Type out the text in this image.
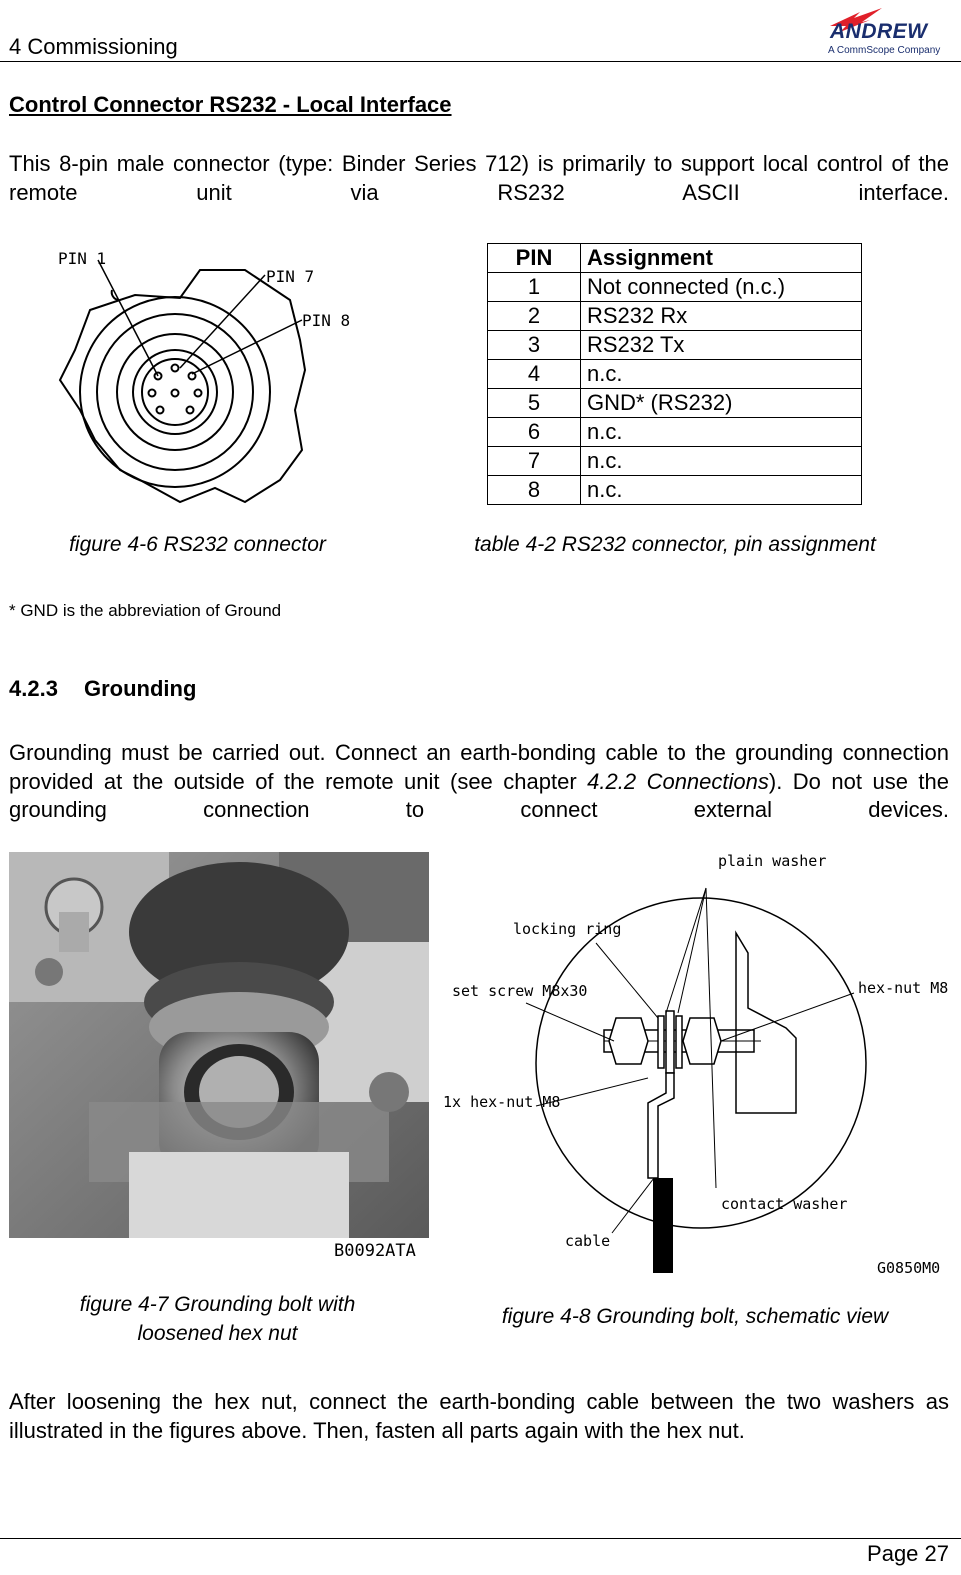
4 Commissioning
ANDREW
A CommScope Company
Control Connector RS232 - Local Interface
This 8-pin male connector (type: Binder Series 712) is primarily to support local control of the remote unit via RS232 ASCII interface.
PIN 1
PIN 7
PIN 8
PIN	Assignment
1	Not connected (n.c.)
2	RS232 Rx
3	RS232 Tx
4	n.c.
5	GND* (RS232)
6	n.c.
7	n.c.
8	n.c.
figure 4-6 RS232 connector	table 4-2 RS232 connector, pin assignment
* GND is the abbreviation of Ground
4.2.3 Grounding
Grounding must be carried out. Connect an earth-bonding cable to the grounding connection provided at the outside of the remote unit (see chapter 4.2.2 Connections). Do not use the grounding connection to connect external devices.
B0092ATA
plain washer
locking ring
set screw M8x30	hex-nut M8
1x hex-nut M8
contact washer
cable
G0850M0
figure 4-7 Grounding bolt with
loosened hex nut
figure 4-8 Grounding bolt, schematic view
After loosening the hex nut, connect the earth-bonding cable between the two washers as illustrated in the figures above. Then, fasten all parts again with the hex nut.
Page 27
